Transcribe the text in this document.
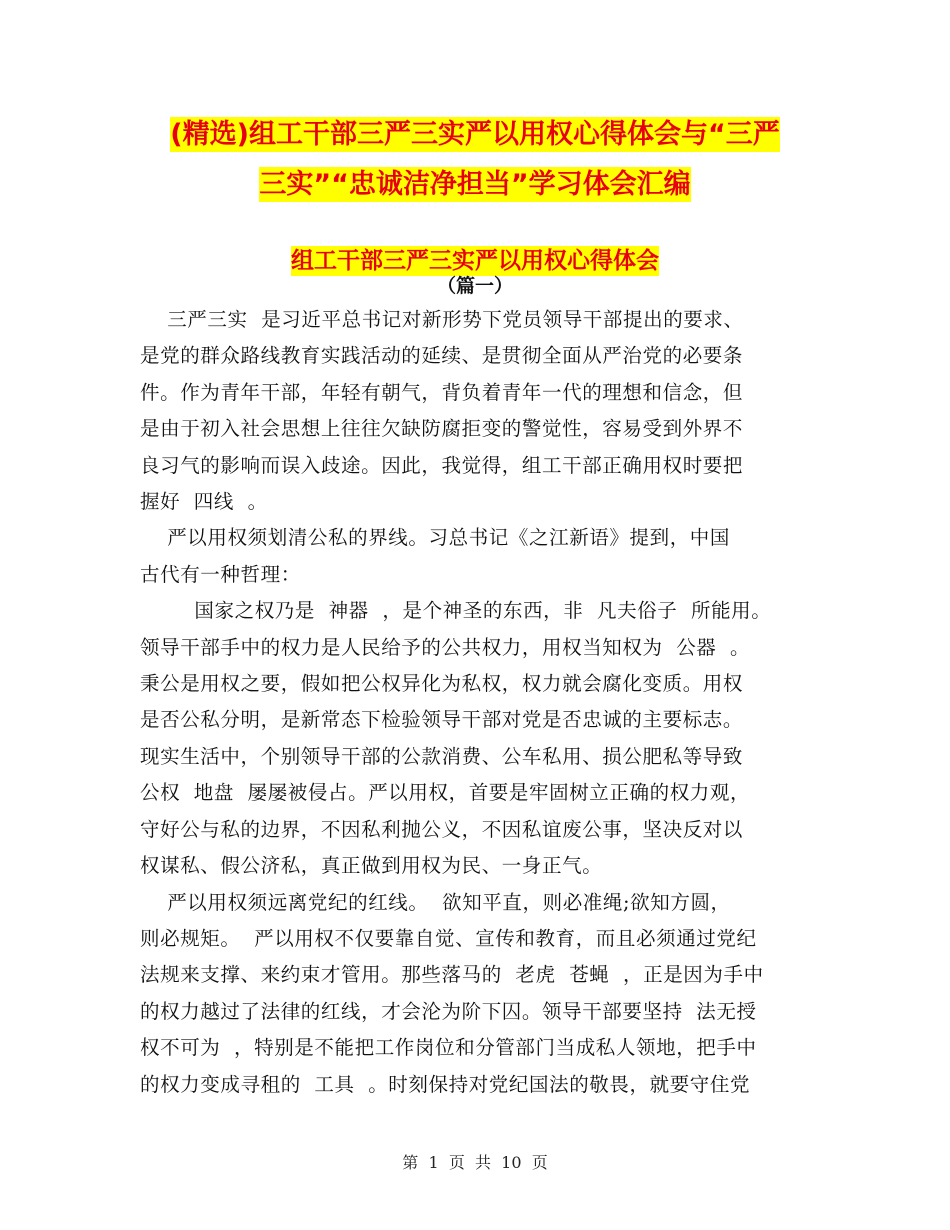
(精选)组工干部三严三实严以用权心得体会与“三严
三实”“忠诚洁净担当”学习体会汇编
组工干部三严三实严以用权心得体会
（篇一）

三严三实  是习近平总书记对新形势下党员领导干部提出的要求、

是党的群众路线教育实践活动的延续、是贯彻全面从严治党的必要条

件。作为青年干部，年轻有朝气，背负着青年一代的理想和信念，但

是由于初入社会思想上往往欠缺防腐拒变的警觉性，容易受到外界不

良习气的影响而误入歧途。因此，我觉得，组工干部正确用权时要把

握好  四线  。

严以用权须划清公私的界线。习总书记《之江新语》提到，中国

古代有一种哲理：

国家之权乃是  神器  ，是个神圣的东西，非  凡夫俗子  所能用。

领导干部手中的权力是人民给予的公共权力，用权当知权为  公器  。

秉公是用权之要，假如把公权异化为私权，权力就会腐化变质。用权

是否公私分明，是新常态下检验领导干部对党是否忠诚的主要标志。

现实生活中，个别领导干部的公款消费、公车私用、损公肥私等导致

公权  地盘  屡屡被侵占。严以用权，首要是牢固树立正确的权力观，

守好公与私的边界，不因私利抛公义，不因私谊废公事，坚决反对以

权谋私、假公济私，真正做到用权为民、一身正气。

严以用权须远离党纪的红线。  欲知平直，则必准绳;欲知方圆，

则必规矩。  严以用权不仅要靠自觉、宣传和教育，而且必须通过党纪

法规来支撑、来约束才管用。那些落马的  老虎  苍蝇  ，正是因为手中

的权力越过了法律的红线，才会沦为阶下囚。领导干部要坚持  法无授

权不可为  ，特别是不能把工作岗位和分管部门当成私人领地，把手中

的权力变成寻租的  工具  。时刻保持对党纪国法的敬畏，就要守住党

第  1  页  共  10  页
